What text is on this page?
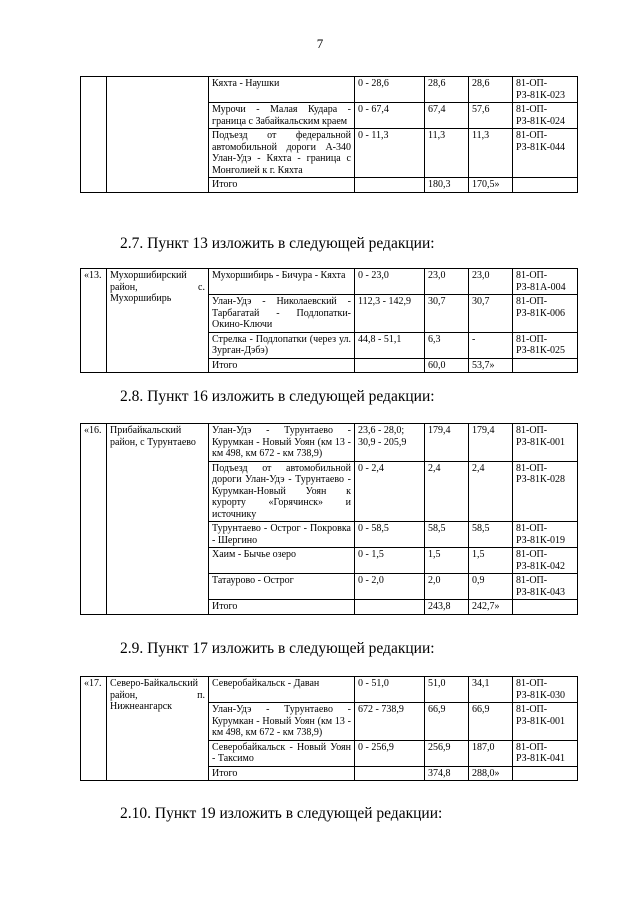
7
		Кяхта - Наушки	0 - 28,6	28,6	28,6	81-ОП-РЗ-81К-023
		Мурочи - Малая Кудара - граница с Забайкальским краем	0 - 67,4	67,4	57,6	81-ОП-РЗ-81К-024
		Подъезд от федеральной автомобильной дороги А-340 Улан-Удэ - Кяхта - граница с Монголией к г. Кяхта	0 - 11,3	11,3	11,3	81-ОП-РЗ-81К-044
		Итого		180,3	170,5»	
2.7. Пункт 13 изложить в следующей редакции:
«13.	Мухоршибирский район, с. Мухоршибирь	Мухоршибирь - Бичура - Кяхта	0 - 23,0	23,0	23,0	81-ОП-РЗ-81А-004
		Улан-Удэ - Николаевский - Тарбагатай - Подлопатки-Окино-Ключи	112,3 - 142,9	30,7	30,7	81-ОП-РЗ-81К-006
		Стрелка - Подлопатки (через ул. Зурган-Дэбэ)	44,8 - 51,1	6,3	-	81-ОП-РЗ-81К-025
		Итого		60,0	53,7»	
2.8. Пункт 16 изложить в следующей редакции:
«16.	Прибайкальский район, с Турунтаево	Улан-Удэ - Турунтаево - Курумкан - Новый Уоян (км 13 - км 498, км 672 - км 738,9)	23,6 - 28,0; 30,9 - 205,9	179,4	179,4	81-ОП-РЗ-81К-001
		Подъезд от автомобильной дороги Улан-Удэ - Турунтаево - Курумкан-Новый Уоян к курорту «Горячинск» и источнику	0 - 2,4	2,4	2,4	81-ОП-РЗ-81К-028
		Турунтаево - Острог - Покровка - Шергино	0 - 58,5	58,5	58,5	81-ОП-РЗ-81К-019
		Хаим - Бычье озеро	0 - 1,5	1,5	1,5	81-ОП-РЗ-81К-042
		Татаурово - Острог	0 - 2,0	2,0	0,9	81-ОП-РЗ-81К-043
		Итого		243,8	242,7»	
2.9. Пункт 17 изложить в следующей редакции:
«17.	Северо-Байкальский район, п. Нижнеангарск	Северобайкальск - Даван	0 - 51,0	51,0	34,1	81-ОП-РЗ-81К-030
		Улан-Удэ - Турунтаево - Курумкан - Новый Уоян (км 13 - км 498, км 672 - км 738,9)	672 - 738,9	66,9	66,9	81-ОП-РЗ-81К-001
		Северобайкальск - Новый Уоян - Таксимо	0 - 256,9	256,9	187,0	81-ОП-РЗ-81К-041
		Итого		374,8	288,0»	
2.10. Пункт 19 изложить в следующей редакции:
